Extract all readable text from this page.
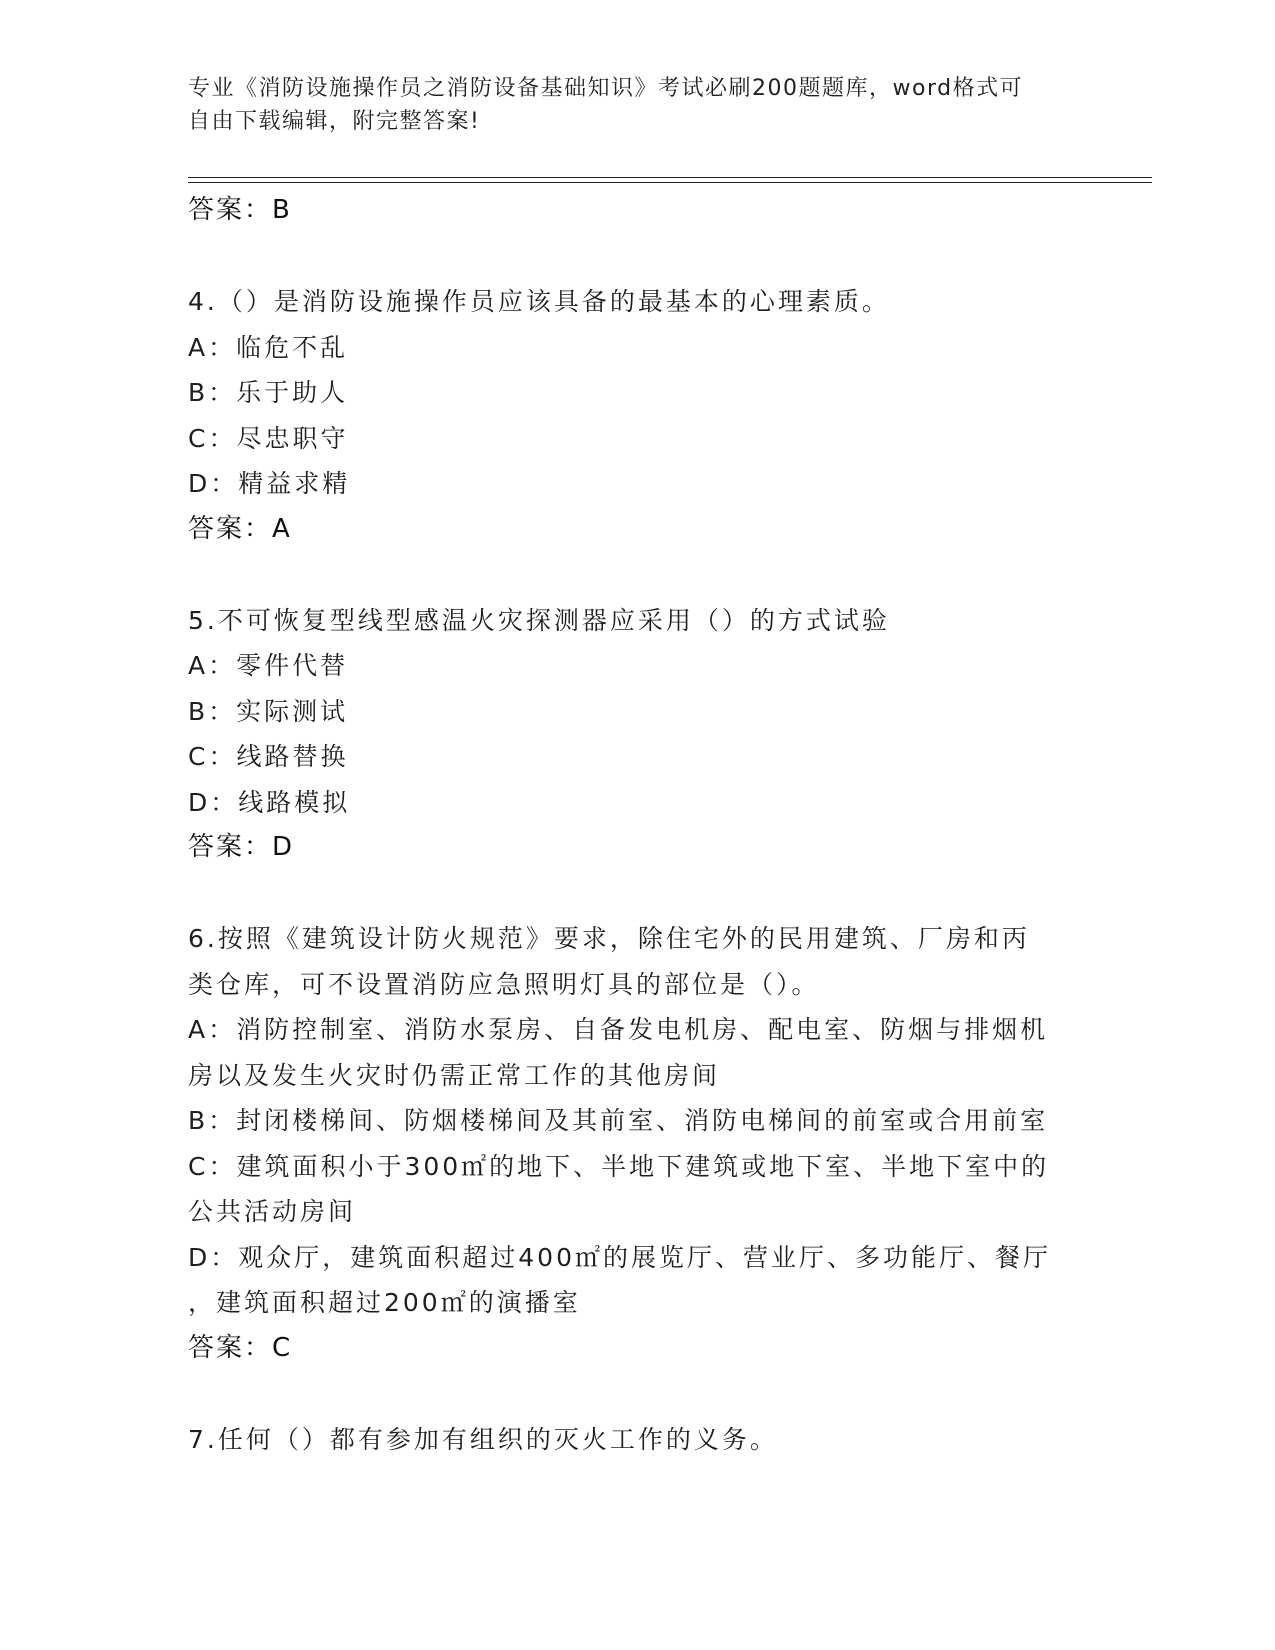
专业《消防设施操作员之消防设备基础知识》考试必刷200题题库，word格式可
自由下载编辑，附完整答案!
答案：B
4.（）是消防设施操作员应该具备的最基本的心理素质。
A：临危不乱
B：乐于助人
C：尽忠职守
D：精益求精
答案：A
5.不可恢复型线型感温火灾探测器应采用（）的方式试验
A：零件代替
B：实际测试
C：线路替换
D：线路模拟
答案：D
6.按照《建筑设计防火规范》要求，除住宅外的民用建筑、厂房和丙
类仓库，可不设置消防应急照明灯具的部位是（）。
A：消防控制室、消防水泵房、自备发电机房、配电室、防烟与排烟机
房以及发生火灾时仍需正常工作的其他房间
B：封闭楼梯间、防烟楼梯间及其前室、消防电梯间的前室或合用前室
C：建筑面积小于300㎡的地下、半地下建筑或地下室、半地下室中的
公共活动房间
D：观众厅，建筑面积超过400㎡的展览厅、营业厅、多功能厅、餐厅
，建筑面积超过200㎡的演播室
答案：C
7.任何（）都有参加有组织的灭火工作的义务。
